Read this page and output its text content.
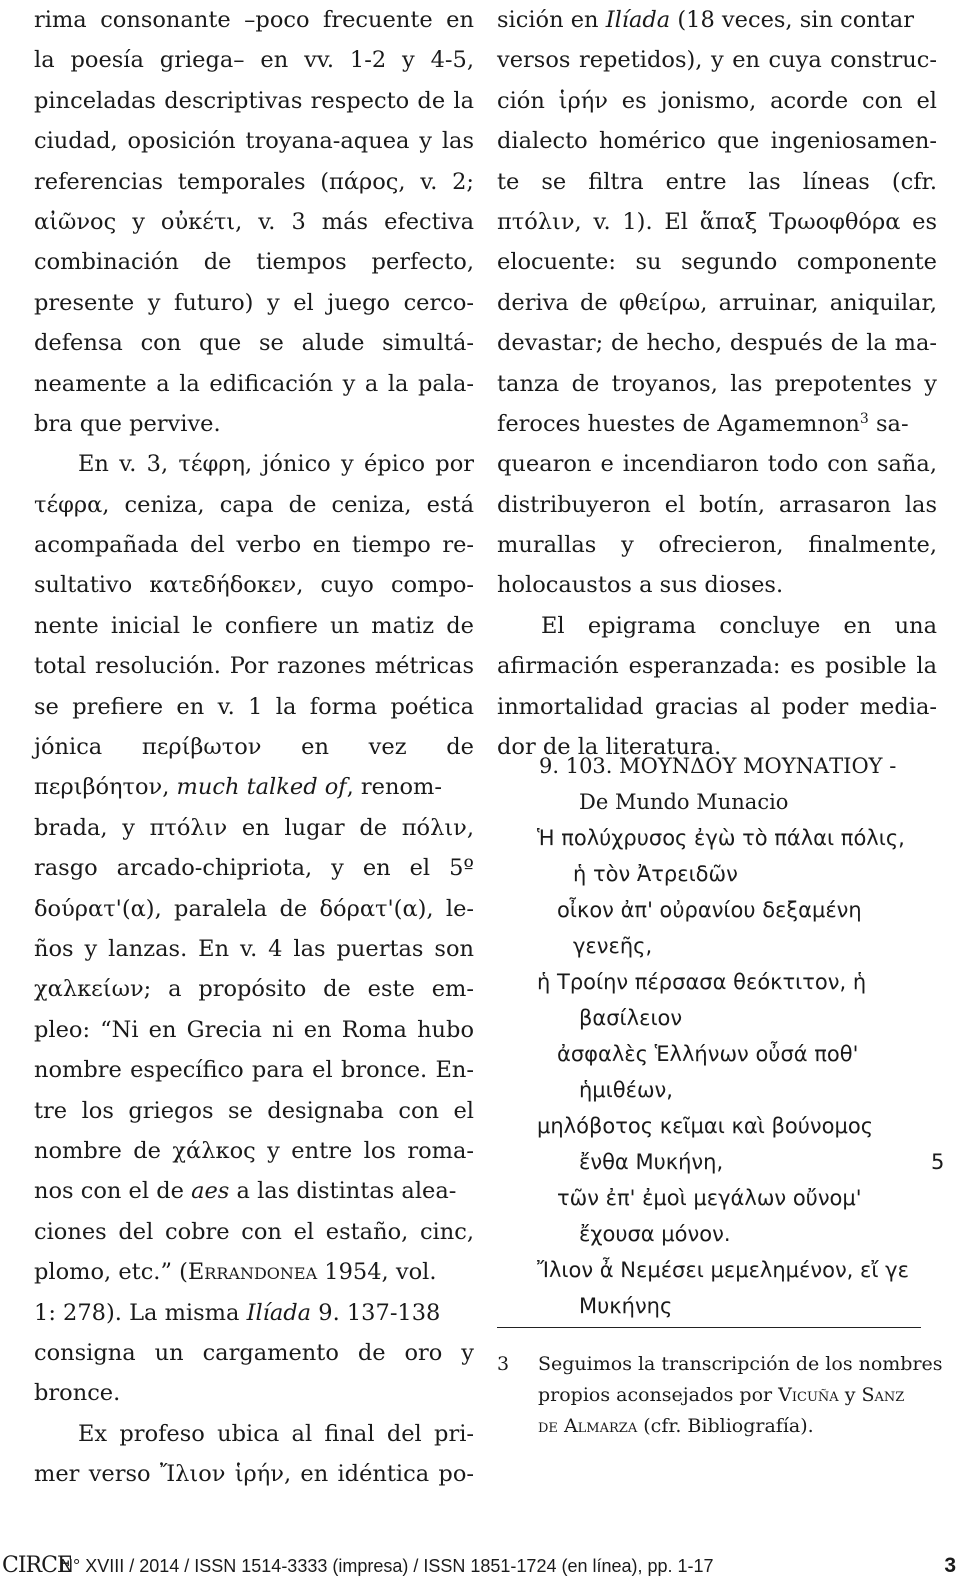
rima consonante –poco frecuente en
la poesía griega– en vv. 1-2 y 4-5,
pinceladas descriptivas respecto de la
ciudad, oposición troyana-aquea y las
referencias temporales (πάρος, v. 2;
αἰῶνος y οὐκέτι, v. 3 más efectiva
combinación de tiempos perfecto,
presente y futuro) y el juego cerco-
defensa con que se alude simultá-
neamente a la edificación y a la pala-
bra que pervive.
En v. 3, τέφρη, jónico y épico por
τέφρα, ceniza, capa de ceniza, está
acompañada del verbo en tiempo re-
sultativo κατεδήδοκεν, cuyo compo-
nente inicial le confiere un matiz de
total resolución. Por razones métricas
se prefiere en v. 1 la forma poética
jónica περίβωτον en vez de
περιβόητον, much talked of, renom-
brada, y πτόλιν en lugar de πόλιν,
rasgo arcado-chipriota, y en el 5º
δούρατ'(α), paralela de δόρατ'(α), le-
ños y lanzas. En v. 4 las puertas son
χαλκείων; a propósito de este em-
pleo: “Ni en Grecia ni en Roma hubo
nombre específico para el bronce. En-
tre los griegos se designaba con el
nombre de χάλκος y entre los roma-
nos con el de aes a las distintas alea-
ciones del cobre con el estaño, cinc,
plomo, etc.” (Errandonea 1954, vol.
1: 278). La misma Ilíada 9. 137-138
consigna un cargamento de oro y
bronce.
Ex profeso ubica al final del pri-
mer verso Ἴλιον ἱρήν, en idéntica po-
sición en Ilíada (18 veces, sin contar
versos repetidos), y en cuya construc-
ción ἱρήν es jonismo, acorde con el
dialecto homérico que ingeniosamen-
te se filtra entre las líneas (cfr.
πτόλιν, v. 1). El ἅπαξ Τρωοφθόρα es
elocuente: su segundo componente
deriva de φθείρω, arruinar, aniquilar,
devastar; de hecho, después de la ma-
tanza de troyanos, las prepotentes y
feroces huestes de Agamemnon$^3$ sa-
quearon e incendiaron todo con saña,
distribuyeron el botín, arrasaron las
murallas y ofrecieron, finalmente,
holocaustos a sus dioses.
El epigrama concluye en una
afirmación esperanzada: es posible la
inmortalidad gracias al poder media-
dor de la literatura.
9. 103. ΜΟΥΝΔΟΥ ΜΟΥΝΑΤΙΟΥ -
De Mundo Munacio
Ἡ πολύχρυσος ἐγὼ τὸ πάλαι πόλις,
ἡ τὸν Ἀτρειδῶν
οἶκον ἀπ' οὐρανίου δεξαμένη
γενεῆς,
ἡ Τροίην πέρσασα θεόκτιτον, ἡ
βασίλειον
ἀσφαλὲς Ἑλλήνων οὖσά ποθ'
ἡμιθέων,
μηλόβοτος κεῖμαι καὶ βούνομος
ἔνθα Μυκήνη,	5
τῶν ἐπ' ἐμοὶ μεγάλων οὔνομ'
ἔχουσα μόνον.
Ἴλιον ἆ Νεμέσει μεμελημένον, εἴ γε
Μυκήνης
3 Seguimos la transcripción de los nombres
propios aconsejados por Vicuña y Sanz
de Almarza (cfr. Bibliografía).
CIRCE
N° XVIII / 2014 / ISSN 1514-3333 (impresa) / ISSN 1851-1724 (en línea), pp. 1-17	3
